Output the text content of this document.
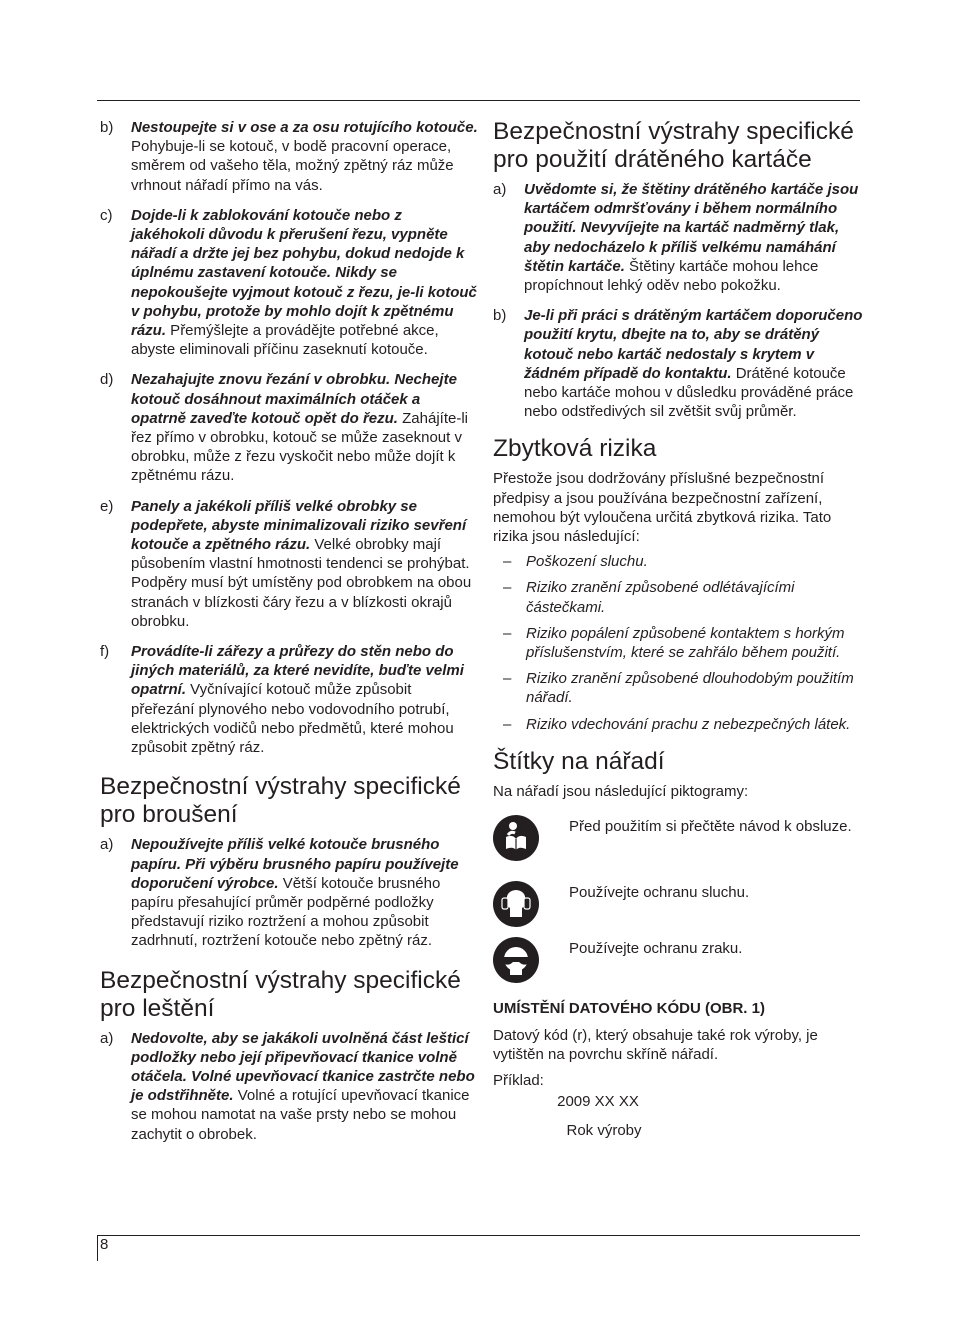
8
b) Nestoupejte si v ose a za osu rotujícího kotouče. Pohybuje-li se kotouč, v bodě pracovní operace, směrem od vašeho těla, možný zpětný ráz může vrhnout nářadí přímo na vás.
c) Dojde-li k zablokování kotouče nebo z jakéhokoli důvodu k přerušení řezu, vypněte nářadí a držte jej bez pohybu, dokud nedojde k úplnému zastavení kotouče. Nikdy se nepokoušejte vyjmout kotouč z řezu, je-li kotouč v pohybu, protože by mohlo dojít k zpětnému rázu. Přemýšlejte a provádějte potřebné akce, abyste eliminovali příčinu zaseknutí kotouče.
d) Nezahajujte znovu řezání v obrobku. Nechejte kotouč dosáhnout maximálních otáček a opatrně zaveďte kotouč opět do řezu. Zahájíte-li řez přímo v obrobku, kotouč se může zaseknout v obrobku, může z řezu vyskočit nebo může dojít k zpětnému rázu.
e) Panely a jakékoli příliš velké obrobky se podepřete, abyste minimalizovali riziko sevření kotouče a zpětného rázu. Velké obrobky mají působením vlastní hmotnosti tendenci se prohýbat. Podpěry musí být umístěny pod obrobkem na obou stranách v blízkosti čáry řezu a v blízkosti okrajů obrobku.
f) Provádíte-li zářezy a průřezy do stěn nebo do jiných materiálů, za které nevidíte, buďte velmi opatrní. Vyčnívající kotouč může způsobit přeřezání plynového nebo vodovodního potrubí, elektrických vodičů nebo předmětů, které mohou způsobit zpětný ráz.
Bezpečnostní výstrahy specifické pro broušení
a) Nepoužívejte příliš velké kotouče brusného papíru. Při výběru brusného papíru používejte doporučení výrobce. Větší kotouče brusného papíru přesahující průměr podpěrné podložky představují riziko roztržení a mohou způsobit zadrhnutí, roztržení kotouče nebo zpětný ráz.
Bezpečnostní výstrahy specifické pro leštění
a) Nedovolte, aby se jakákoli uvolněná část lešticí podložky nebo její připevňovací tkanice volně otáčela. Volné upevňovací tkanice zastrčte nebo je odstřihněte. Volné a rotující upevňovací tkanice se mohou namotat na vaše prsty nebo se mohou zachytit o obrobek.
Bezpečnostní výstrahy specifické pro použití drátěného kartáče
a) Uvědomte si, že štětiny drátěného kartáče jsou kartáčem odmršťovány i během normálního použití. Nevyvíjejte na kartáč nadměrný tlak, aby nedocházelo k příliš velkému namáhání štětin kartáče. Štětiny kartáče mohou lehce propíchnout lehký oděv nebo pokožku.
b) Je-li při práci s drátěným kartáčem doporučeno použití krytu, dbejte na to, aby se drátěný kotouč nebo kartáč nedostaly s krytem v žádném případě do kontaktu. Drátěné kotouče nebo kartáče mohou v důsledku prováděné práce nebo odstředivých sil zvětšit svůj průměr.
Zbytková rizika

Přestože jsou dodržovány příslušné bezpečnostní předpisy a jsou používána bezpečnostní zařízení, nemohou být vyloučena určitá zbytková rizika. Tato rizika jsou následující:

– Poškození sluchu.
– Riziko zranění způsobené odlétávajícími částečkami.
– Riziko popálení způsobené kontaktem s horkým příslušenstvím, které se zahřálo během použití.
– Riziko zranění způsobené dlouhodobým použitím nářadí.
– Riziko vdechování prachu z nebezpečných látek.
Štítky na nářadí

Na nářadí jsou následující piktogramy:

Před použitím si přečtěte návod k obsluze.
Používejte ochranu sluchu.
Používejte ochranu zraku.
UMÍSTĚNÍ DATOVÉHO KÓDU (OBR. 1)

Datový kód (r), který obsahuje také rok výroby, je vytištěn na povrchu skříně nářadí.

Příklad:
2009 XX XX
Rok výroby
